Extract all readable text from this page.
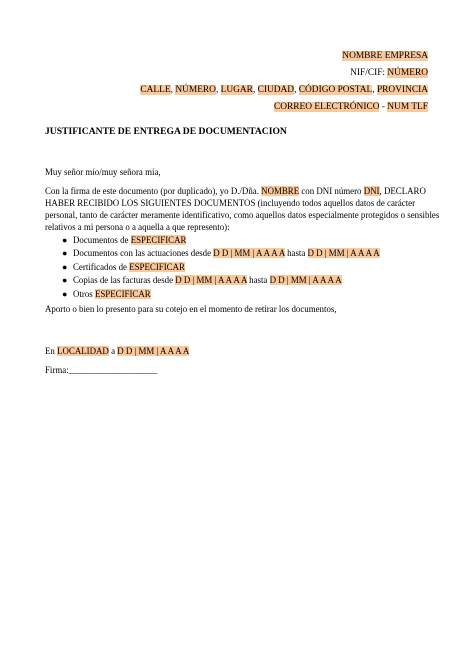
NOMBRE EMPRESA
NIF/CIF: NÚMERO
CALLE, NÚMERO, LUGAR, CIUDAD, CÓDIGO POSTAL, PROVINCIA
CORREO ELECTRÓNICO - NUM TLF
JUSTIFICANTE DE ENTREGA DE DOCUMENTACION

Muy señor mío/muy señora mía,

Con la firma de este documento (por duplicado), yo D./Dña. NOMBRE con DNI número DNI, DECLARO HABER RECIBIDO LOS SIGUIENTES DOCUMENTOS (incluyendo todos aquellos datos de carácter personal, tanto de carácter meramente identificativo, como aquellos datos especialmente protegidos o sensibles relativos a mi persona o a aquella a que represento):

● Documentos de ESPECIFICAR
● Documentos con las actuaciones desde D D | MM | A A A A hasta D D | MM | A A A A
● Certificados de ESPECIFICAR
● Copias de las facturas desde D D | MM | A A A A hasta D D | MM | A A A A
● Otros ESPECIFICAR

Aporto o bien lo presento para su cotejo en el momento de retirar los documentos,

En LOCALIDAD a D D | MM | A A A A
Firma:____________________
